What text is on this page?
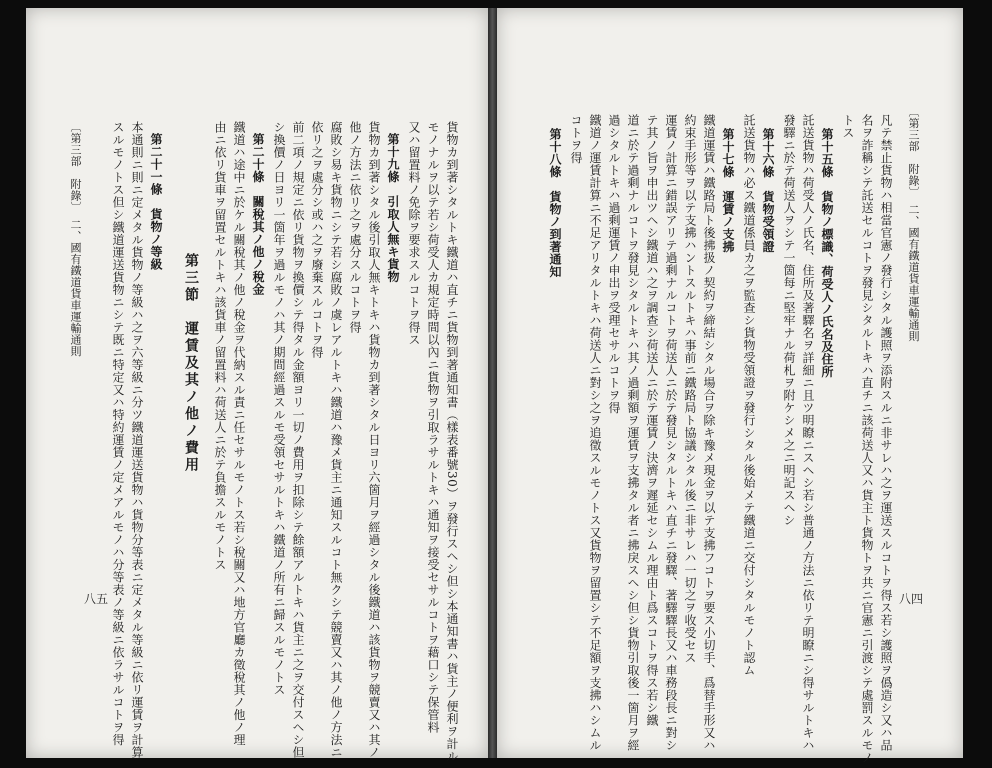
貨物カ到著シタルトキ鐵道ハ直チニ貨物到著通知書（樣表番號30）ヲ發行スヘシ但シ本通知書ハ貨主ノ便利ヲ計ル

モノナルヲ以テ若シ荷受人カ規定時間以內ニ貨物ヲ引取ラサルトキハ通知ヲ接受セサルコトヲ藉口シテ保管料

又ハ留置料ノ免除ヲ要求スルコトヲ得ス

第十九條　引取人無キ貨物

貨物カ到著シタル後引取人無キトキハ貨物カ到著シタル日ヨリ六箇月ヲ經過シタル後鐵道ハ該貨物ヲ競賣又ハ其ノ

他ノ方法ニ依リ之ヲ處分スルコトヲ得

腐敗シ易キ貨物ニシテ若シ腐敗ノ虞レアルトキハ鐵道ハ豫メ貨主ニ通知スルコト無クシテ競賣又ハ其ノ他ノ方法ニ

依リ之ヲ處分シ或ハ之ヲ廢棄スルコトヲ得

前二項ノ規定ニ依リ貨物ヲ換價シテ得タル金額ヨリ一切ノ費用ヲ扣除シテ餘額アルトキハ貨主ニ之ヲ交付スヘシ但

シ換價ノ日ヨリ一箇年ヲ過ルモノハ其ノ期間經過スルモ受領セサルトキハ鐵道ノ所有ニ歸スルモノトス

第二十條　關稅其ノ他ノ稅金

鐵道ハ途中ニ於ケル關稅其ノ他ノ稅金ヲ代納スル責ニ任セサルモノトス若シ稅關又ハ地方官廳カ徵稅其ノ他ノ理

由ニ依リ貨車ヲ留置セルトキハ該貨車ノ留置料ハ荷送人ニ於テ負擔スルモノトス

第三節　運賃及其ノ他ノ費用

第二十一條　貨物ノ等級

本通則ニ則ニ定メタル貨物ノ等級ハ之ヲ六等級ニ分ツ鐵道運送貨物ハ貨物分等表ニ定メタル等級ニ依リ運賃ヲ計算

スルモノトス但シ鐵道運送貨物ニシテ既ニ特定又ハ特約運賃ノ定メアルモノハ分等表ノ等級ニ依ラサルコトヲ得

〔第三部　附錄〕　二、國有鐵道貨車運輸通則

八五

〔第三部　附錄〕　二、國有鐵道貨車運輸通則

八四

凡テ禁止貨物ハ相當官憲ノ發行シタル護照ヲ添附スルニ非サレハ之ヲ運送スルコトヲ得ス若シ護照ヲ僞造シ又ハ品

名ヲ詐稱シテ託送セルコトヲ發見シタルトキハ直チニ該荷送人又ハ貨主ト貨物トヲ共ニ官憲ニ引渡シテ處罰スルモノ

トス

第十五條　貨物ノ標識、荷受人ノ氏名及住所

託送貨物ハ荷受人ノ氏名、住所及著驛名ヲ詳細ニ且ツ明瞭ニスヘシ若シ普通ノ方法ニ依リテ明瞭ニシ得サルトキハ

發驛ニ於テ荷送人ヲシテ一箇每ニ堅牢ナル荷札ヲ附ケシメ之ニ明記スヘシ

第十六條　貨物受領證

託送貨物ハ必ス鐵道係員カ之ヲ監查シ貨物受領證ヲ發行シタル後始メテ鐵道ニ交付シタルモノト認ム

第十七條　運賃ノ支拂

鐵道運賃ハ鐵路局ト後拂扱ノ契約ヲ締結シタル場合ヲ除キ豫メ現金ヲ以テ支拂フコトヲ要ス小切手、爲替手形又ハ

約束手形等ヲ以テ支拂ハントスルトキハ事前ニ鐵路局ト協議シタル後ニ非サレハ一切之ヲ收受セス

運賃ノ計算ニ錯誤アリテ過剩ナルコトヲ荷送人ニ於テ發見シタルトキハ直チニ發驛、著驛驛長又ハ車務段長ニ對シ

テ其ノ旨ヲ申出ツヘシ鐵道ハ之ヲ調查シ荷送人ニ於テ運賃ノ決濟ヲ遲延セシムル理由ト爲スコトヲ得ス若シ鐵

道ニ於テ過剩ナルコトヲ發見シタルトキハ其ノ過剩額ヲ運賃ヲ支拂タル者ニ拂戾スヘシ但シ貨物引取後一箇月ヲ經

過シタルトキハ過剩運賃ノ申出ヲ受理セサルコトヲ得

鐵道ノ運賃計算ニ不足アリタルトキハ荷送人ニ對シ之ヲ追徵スルモノトス又貨物ヲ留置シテ不足額ヲ支拂ハシムル

コトヲ得

第十八條　貨物ノ到著通知
